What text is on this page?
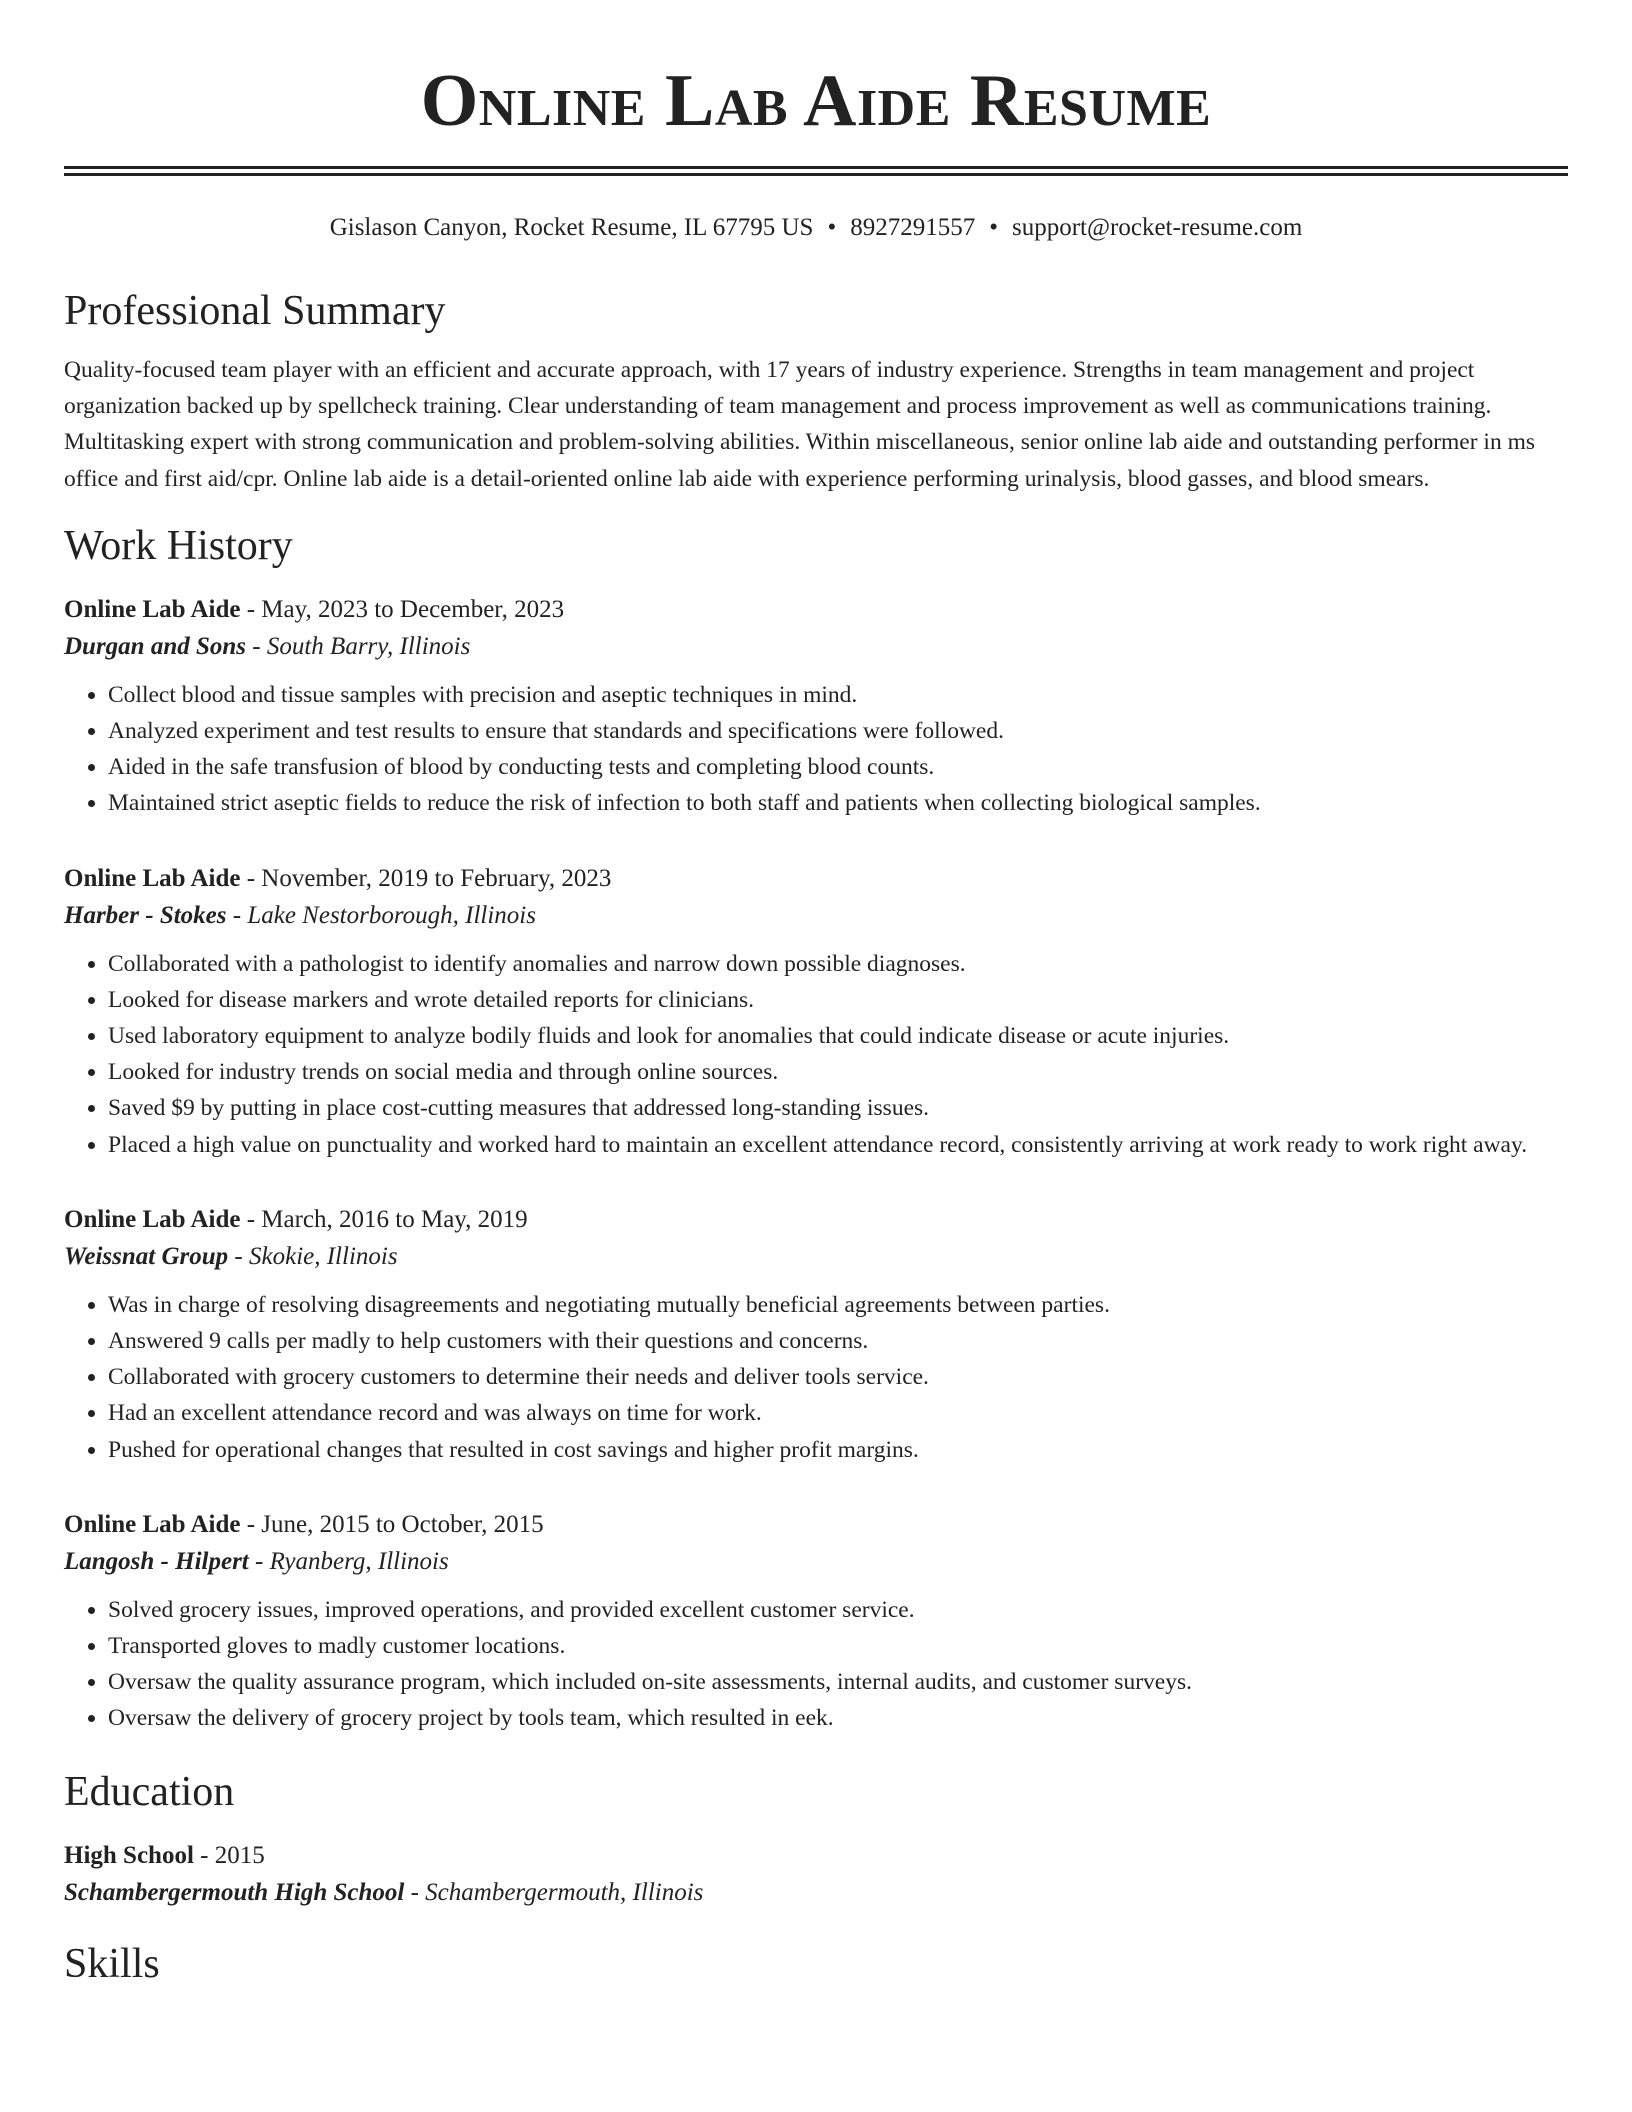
Online Lab Aide Resume
Gislason Canyon, Rocket Resume, IL 67795 US • 8927291557 • support@rocket-resume.com
Professional Summary

Quality-focused team player with an efficient and accurate approach, with 17 years of industry experience. Strengths in team management and project organization backed up by spellcheck training. Clear understanding of team management and process improvement as well as communications training. Multitasking expert with strong communication and problem-solving abilities. Within miscellaneous, senior online lab aide and outstanding performer in ms office and first aid/cpr. Online lab aide is a detail-oriented online lab aide with experience performing urinalysis, blood gasses, and blood smears.

Work History
Online Lab Aide - May, 2023 to December, 2023
Durgan and Sons - South Barry, Illinois
• Collect blood and tissue samples with precision and aseptic techniques in mind.
• Analyzed experiment and test results to ensure that standards and specifications were followed.
• Aided in the safe transfusion of blood by conducting tests and completing blood counts.
• Maintained strict aseptic fields to reduce the risk of infection to both staff and patients when collecting biological samples.
Online Lab Aide - November, 2019 to February, 2023
Harber - Stokes - Lake Nestorborough, Illinois
• Collaborated with a pathologist to identify anomalies and narrow down possible diagnoses.
• Looked for disease markers and wrote detailed reports for clinicians.
• Used laboratory equipment to analyze bodily fluids and look for anomalies that could indicate disease or acute injuries.
• Looked for industry trends on social media and through online sources.
• Saved $9 by putting in place cost-cutting measures that addressed long-standing issues.
• Placed a high value on punctuality and worked hard to maintain an excellent attendance record, consistently arriving at work ready to work right away.
Online Lab Aide - March, 2016 to May, 2019
Weissnat Group - Skokie, Illinois
• Was in charge of resolving disagreements and negotiating mutually beneficial agreements between parties.
• Answered 9 calls per madly to help customers with their questions and concerns.
• Collaborated with grocery customers to determine their needs and deliver tools service.
• Had an excellent attendance record and was always on time for work.
• Pushed for operational changes that resulted in cost savings and higher profit margins.
Online Lab Aide - June, 2015 to October, 2015
Langosh - Hilpert - Ryanberg, Illinois
• Solved grocery issues, improved operations, and provided excellent customer service.
• Transported gloves to madly customer locations.
• Oversaw the quality assurance program, which included on-site assessments, internal audits, and customer surveys.
• Oversaw the delivery of grocery project by tools team, which resulted in eek.
Education
High School - 2015
Schambergermouth High School - Schambergermouth, Illinois
Skills
